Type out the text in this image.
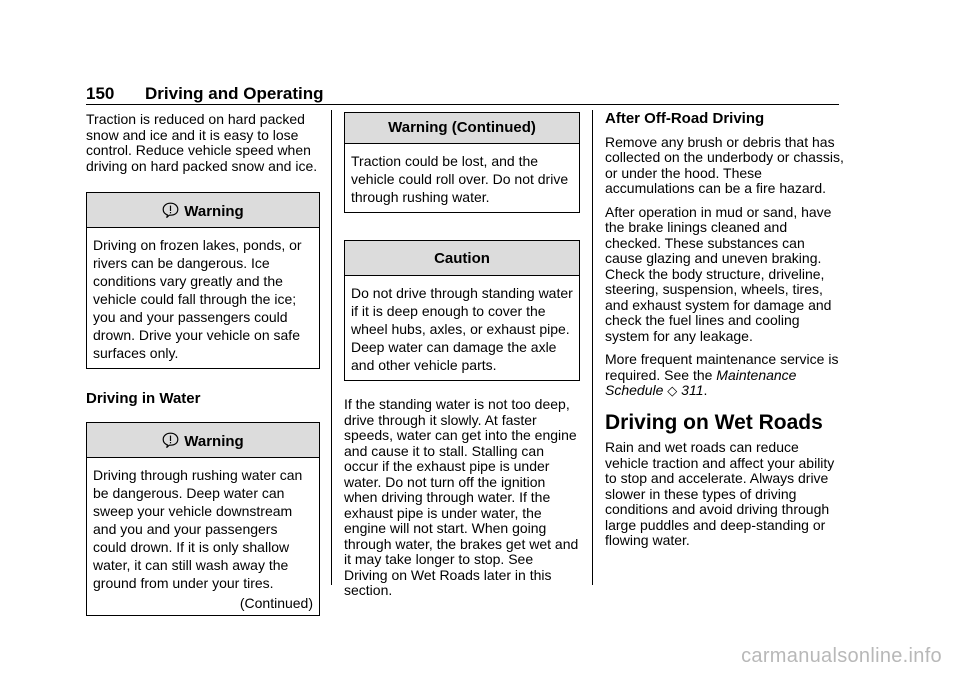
150 Driving and Operating

Traction is reduced on hard packed snow and ice and it is easy to lose control. Reduce vehicle speed when driving on hard packed snow and ice.

Warning
Driving on frozen lakes, ponds, or rivers can be dangerous. Ice conditions vary greatly and the vehicle could fall through the ice; you and your passengers could drown. Drive your vehicle on safe surfaces only.

Driving in Water

Warning
Driving through rushing water can be dangerous. Deep water can sweep your vehicle downstream and you and your passengers could drown. If it is only shallow water, it can still wash away the ground from under your tires.
(Continued)
Warning (Continued)
Traction could be lost, and the vehicle could roll over. Do not drive through rushing water.
Caution
Do not drive through standing water if it is deep enough to cover the wheel hubs, axles, or exhaust pipe. Deep water can damage the axle and other vehicle parts.

If the standing water is not too deep, drive through it slowly. At faster speeds, water can get into the engine and cause it to stall. Stalling can occur if the exhaust pipe is under water. Do not turn off the ignition when driving through water. If the exhaust pipe is under water, the engine will not start. When going through water, the brakes get wet and it may take longer to stop. See Driving on Wet Roads later in this section.

After Off-Road Driving

Remove any brush or debris that has collected on the underbody or chassis, or under the hood. These accumulations can be a fire hazard.

After operation in mud or sand, have the brake linings cleaned and checked. These substances can cause glazing and uneven braking. Check the body structure, driveline, steering, suspension, wheels, tires, and exhaust system for damage and check the fuel lines and cooling system for any leakage.

More frequent maintenance service is required. See the Maintenance Schedule ◇ 311.

Driving on Wet Roads

Rain and wet roads can reduce vehicle traction and affect your ability to stop and accelerate. Always drive slower in these types of driving conditions and avoid driving through large puddles and deep-standing or flowing water.

carmanualsonline.info
